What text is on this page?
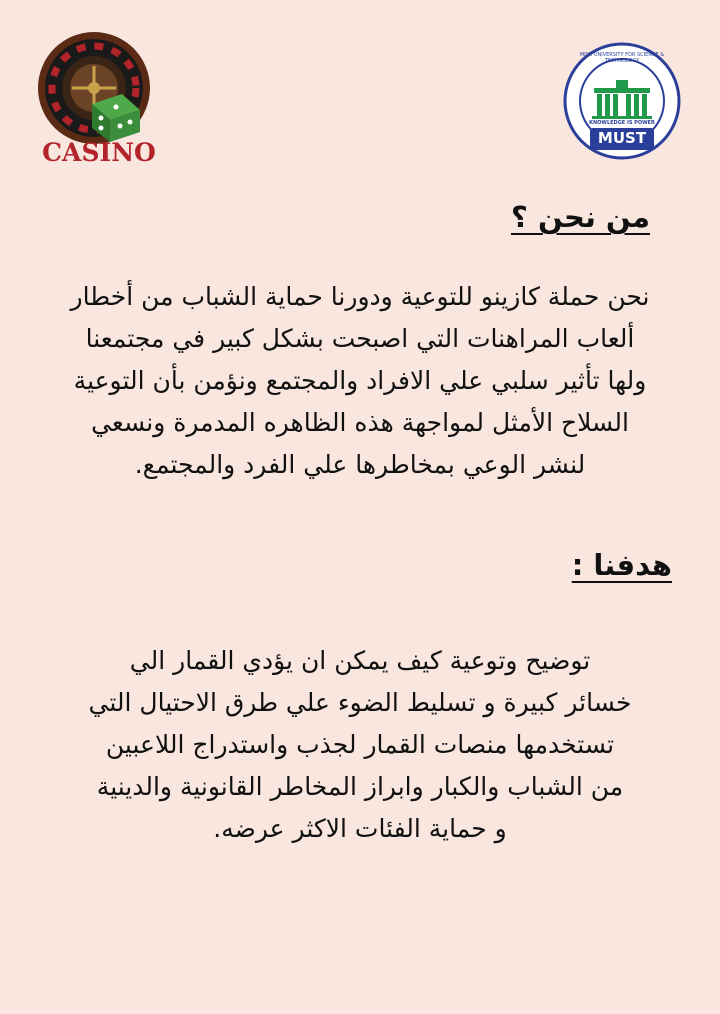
CASINO
MISR UNIVERSITY FOR SCIENCE & TECHNOLOGY
KNOWLEDGE IS POWER
MUST
من نحن ؟
نحن حملة كازينو للتوعية ودورنا حماية الشباب من أخطار
ألعاب المراهنات التي اصبحت بشكل كبير في مجتمعنا
ولها تأثير سلبي علي الافراد والمجتمع ونؤمن بأن التوعية
السلاح الأمثل لمواجهة هذه الظاهره المدمرة ونسعي
لنشر الوعي بمخاطرها علي الفرد والمجتمع.
هدفنا :
توضيح وتوعية كيف يمكن ان يؤدي القمار الي
خسائر كبيرة و تسليط الضوء علي طرق الاحتيال التي
تستخدمها منصات القمار لجذب واستدراج اللاعبين
من الشباب والكبار وابراز المخاطر القانونية والدينية
و حماية الفئات الاكثر عرضه.
